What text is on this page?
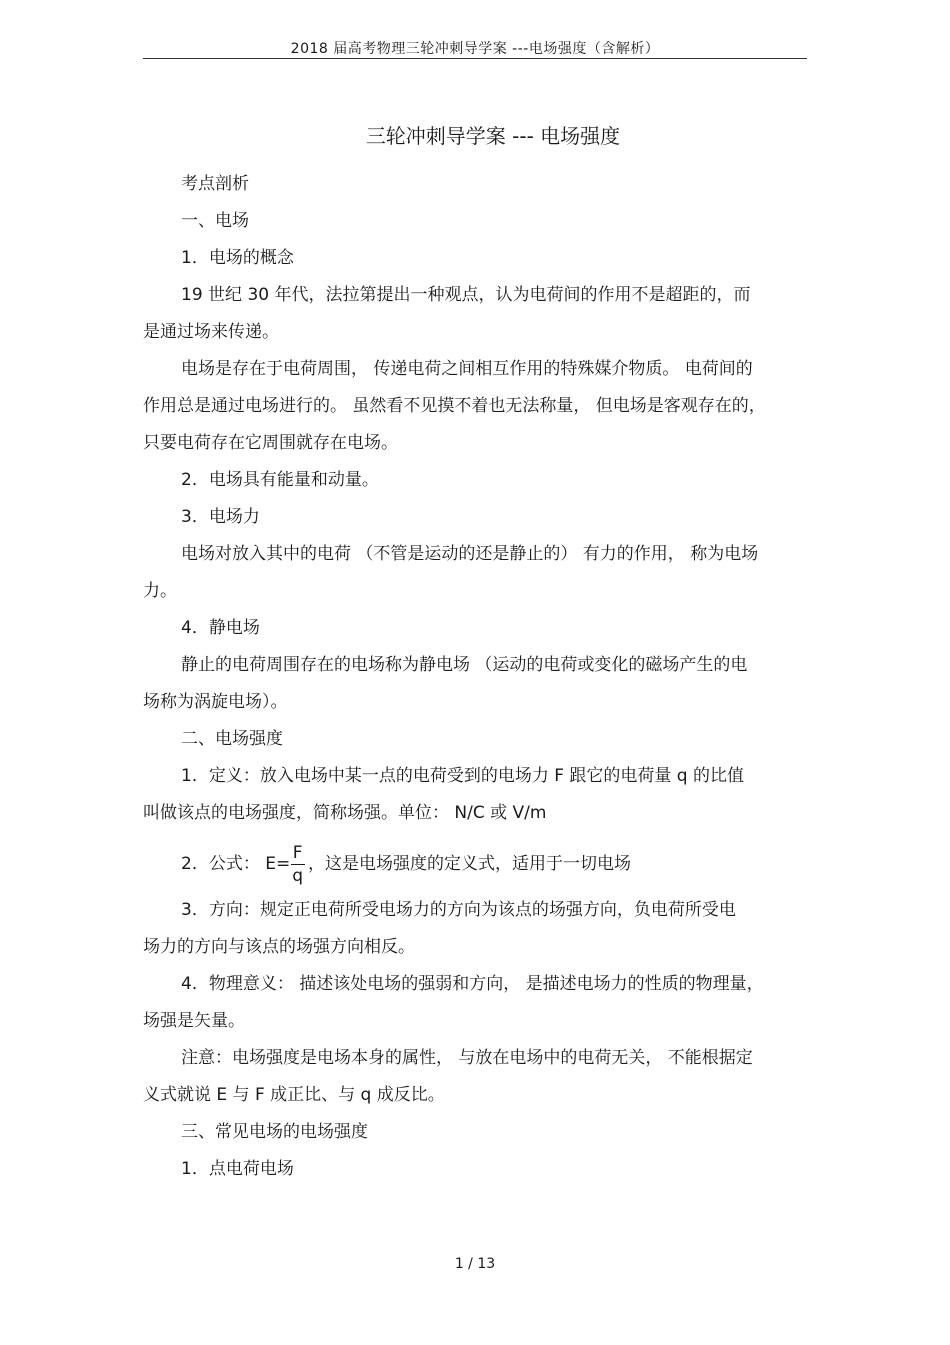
2018 届高考物理三轮冲刺导学案 ---电场强度（含解析）
三轮冲刺导学案 --- 电场强度

考点剖析

一、电场

1．电场的概念

19 世纪 30 年代，法拉第提出一种观点，认为电荷间的作用不是超距的，而

是通过场来传递。

电场是存在于电荷周围， 传递电荷之间相互作用的特殊媒介物质。 电荷间的

作用总是通过电场进行的。 虽然看不见摸不着也无法称量， 但电场是客观存在的，

只要电荷存在它周围就存在电场。

2．电场具有能量和动量。

3．电场力

电场对放入其中的电荷 （不管是运动的还是静止的） 有力的作用， 称为电场

力。

4．静电场

静止的电荷周围存在的电场称为静电场 （运动的电荷或变化的磁场产生的电

场称为涡旋电场）。

二、电场强度

1．定义：放入电场中某一点的电荷受到的电场力 F 跟它的电荷量 q 的比值

叫做该点的电场强度，简称场强。单位： N/C 或 V/m

2．公式： $E= \frac{F}{q}$ ，这是电场强度的定义式，适用于一切电场

3．方向：规定正电荷所受电场力的方向为该点的场强方向，负电荷所受电

场力的方向与该点的场强方向相反。

4．物理意义： 描述该处电场的强弱和方向， 是描述电场力的性质的物理量，

场强是矢量。

注意：电场强度是电场本身的属性， 与放在电场中的电荷无关， 不能根据定

义式就说 E 与 F 成正比、与 q 成反比。

三、常见电场的电场强度

1．点电荷电场

1 / 13
